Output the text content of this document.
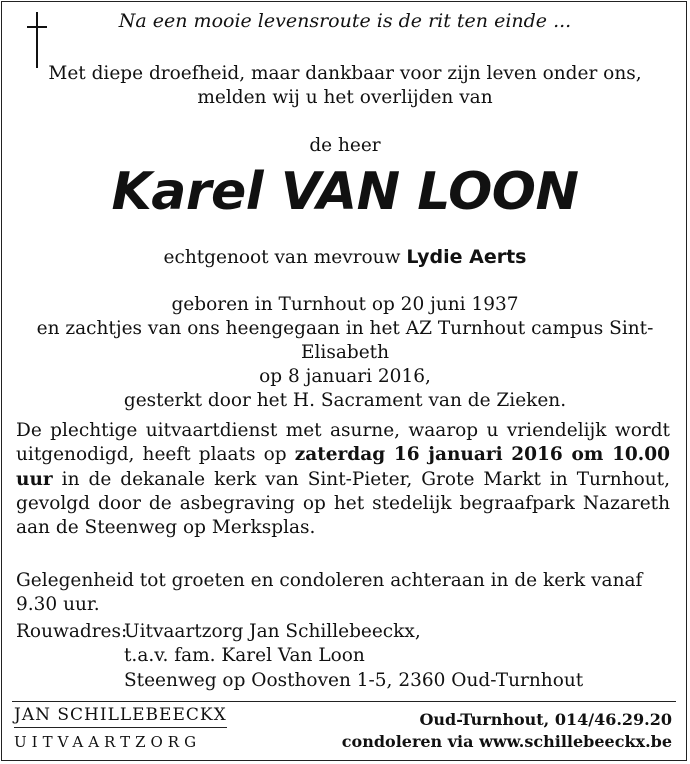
Na een mooie levensroute is de rit ten einde ...
Met diepe droefheid, maar dankbaar voor zijn leven onder ons,
melden wij u het overlijden van
de heer
Karel VAN LOON
echtgenoot van mevrouw Lydie Aerts
geboren in Turnhout op 20 juni 1937
en zachtjes van ons heengegaan in het AZ Turnhout campus Sint-Elisabeth
op 8 januari 2016,
gesterkt door het H. Sacrament van de Zieken.
De plechtige uitvaartdienst met asurne, waarop u vriendelijk wordt uitgenodigd, heeft plaats op zaterdag 16 januari 2016 om 10.00 uur in de dekanale kerk van Sint-Pieter, Grote Markt in Turnhout, gevolgd door de asbegraving op het stedelijk begraafpark Nazareth aan de Steenweg op Merksplas.
Gelegenheid tot groeten en condoleren achteraan in de kerk vanaf 9.30 uur.
Rouwadres:
Uitvaartzorg Jan Schillebeeckx,
t.a.v. fam. Karel Van Loon
Steenweg op Oosthoven 1-5, 2360 Oud-Turnhout
JAN SCHILLEBEECKX
UITVAARTZORG
Oud-Turnhout, 014/46.29.20
condoleren via www.schillebeeckx.be
